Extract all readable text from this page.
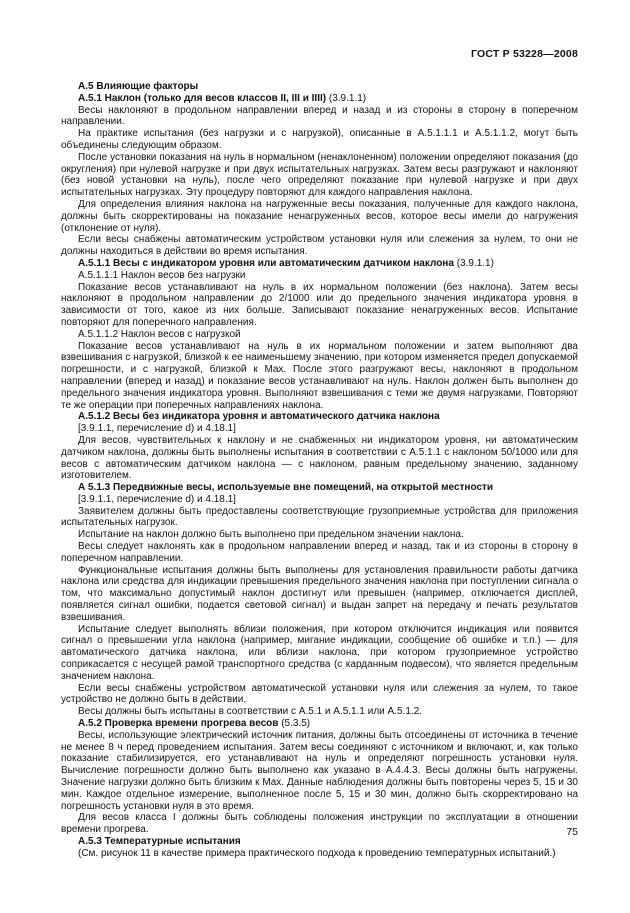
ГОСТ Р 53228—2008

А.5 Влияющие факторы

А.5.1 Наклон (только для весов классов II, III и IIII) (3.9.1.1)

Весы наклоняют в продольном направлении вперед и назад и из стороны в сторону в поперечном направлении.

На практике испытания (без нагрузки и с нагрузкой), описанные в А.5.1.1.1 и А.5.1.1.2, могут быть объединены следующим образом.

После установки показания на нуль в нормальном (ненаклоненном) положении определяют показания (до округления) при нулевой нагрузке и при двух испытательных нагрузках. Затем весы разгружают и наклоняют (без новой установки на нуль), после чего определяют показание при нулевой нагрузке и при двух испытательных нагрузках. Эту процедуру повторяют для каждого направления наклона.

Для определения влияния наклона на нагруженные весы показания, полученные для каждого наклона, должны быть скорректированы на показание ненагруженных весов, которое весы имели до нагружения (отклонение от нуля).

Если весы снабжены автоматическим устройством установки нуля или слежения за нулем, то они не должны находиться в действии во время испытания.

А.5.1.1 Весы с индикатором уровня или автоматическим датчиком наклона (3.9.1.1)

А.5.1.1.1 Наклон весов без нагрузки

Показание весов устанавливают на нуль в их нормальном положении (без наклона). Затем весы наклоняют в продольном направлении до 2/1000 или до предельного значения индикатора уровня в зависимости от того, какое из них больше. Записывают показание ненагруженных весов. Испытание повторяют для поперечного направления.

А.5.1.1.2 Наклон весов с нагрузкой

Показание весов устанавливают на нуль в их нормальном положении и затем выполняют два взвешивания с нагрузкой, близкой к ее наименьшему значению, при котором изменяется предел допускаемой погрешности, и с нагрузкой, близкой к Max. После этого разгружают весы, наклоняют в продольном направлении (вперед и назад) и показание весов устанавливают на нуль. Наклон должен быть выполнен до предельного значения индикатора уровня. Выполняют взвешивания с теми же двумя нагрузками. Повторяют те же операции при поперечных направлениях наклона.

А.5.1.2 Весы без индикатора уровня и автоматического датчика наклона

[3.9.1.1, перечисление d) и 4.18.1]

Для весов, чувствительных к наклону и не снабженных ни индикатором уровня, ни автоматическим датчиком наклона, должны быть выполнены испытания в соответствии с А.5.1.1 с наклоном 50/1000 или для весов с автоматическим датчиком наклона — с наклоном, равным предельному значению, заданному изготовителем.

А 5.1.3 Передвижные весы, используемые вне помещений, на открытой местности

[3.9.1.1, перечисление d) и 4.18.1]

Заявителем должны быть предоставлены соответствующие грузоприемные устройства для приложения испытательных нагрузок.

Испытание на наклон должно быть выполнено при предельном значении наклона.

Весы следует наклонять как в продольном направлении вперед и назад, так и из стороны в сторону в поперечном направлении.

Функциональные испытания должны быть выполнены для установления правильности работы датчика наклона или средства для индикации превышения предельного значения наклона при поступлении сигнала о том, что максимально допустимый наклон достигнут или превышен (например, отключается дисплей, появляется сигнал ошибки, подается световой сигнал) и выдан запрет на передачу и печать результатов взвешивания.

Испытание следует выполнять вблизи положения, при котором отключится индикация или появится сигнал о превышении угла наклона (например, мигание индикации, сообщение об ошибке и т.п.) — для автоматического датчика наклона, или вблизи наклона, при котором грузоприемное устройство соприкасается с несущей рамой транспортного средства (с карданным подвесом), что является предельным значением наклона.

Если весы снабжены устройством автоматической установки нуля или слежения за нулем, то такое устройство не должно быть в действии.

Весы должны быть испытаны в соответствии с А.5.1 и А.5.1.1 или А.5.1.2.

А.5.2 Проверка времени прогрева весов (5.3.5)

Весы, использующие электрический источник питания, должны быть отсоединены от источника в течение не менее 8 ч перед проведением испытания. Затем весы соединяют с источником и включают, и, как только показание стабилизируется, его устанавливают на нуль и определяют погрешность установки нуля. Вычисление погрешности должно быть выполнено как указано в А.4.4.3. Весы должны быть нагружены. Значение нагрузки должно быть близким к Max. Данные наблюдения должны быть повторены через 5, 15 и 30 мин. Каждое отдельное измерение, выполненное после 5, 15 и 30 мин, должно быть скорректировано на погрешность установки нуля в это время.

Для весов класса I должны быть соблюдены положения инструкции по эксплуатации в отношении времени прогрева.

А.5.3 Температурные испытания

(См. рисунок 11 в качестве примера практического подхода к проведению температурных испытаний.)

75
